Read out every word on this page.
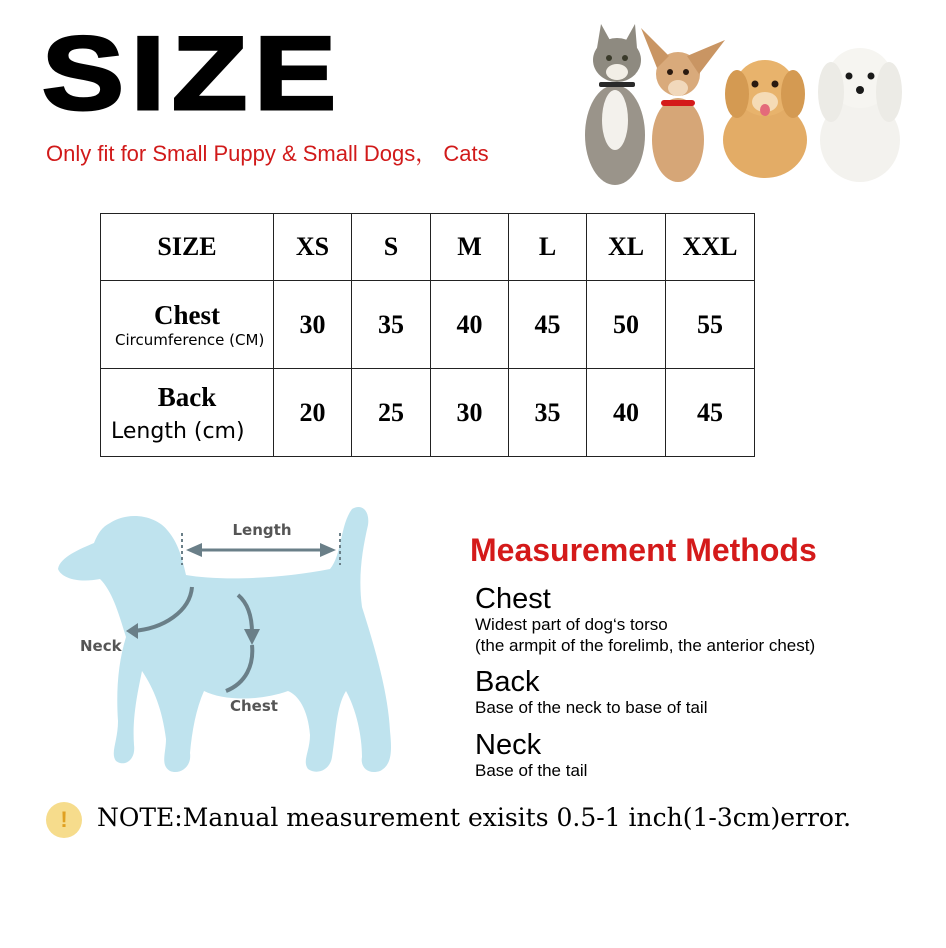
SIZE
Only fit for Small Puppy & Small Dogs， Cats
SIZE	XS	S	M	L	XL	XXL

Chest
Circumference (CM)	30	35	40	45	50	55

Back
Length (cm)	20	25	30	35	40	45
Length
Neck
Chest
Measurement Methods
Chest
Widest part of dog‘s torso
(the armpit of the forelimb, the anterior chest)
Back
Base of the neck to base of tail
Neck
Base of the tail
!	NOTE:Manual measurement exisits 0.5-1 inch(1-3cm)error.
